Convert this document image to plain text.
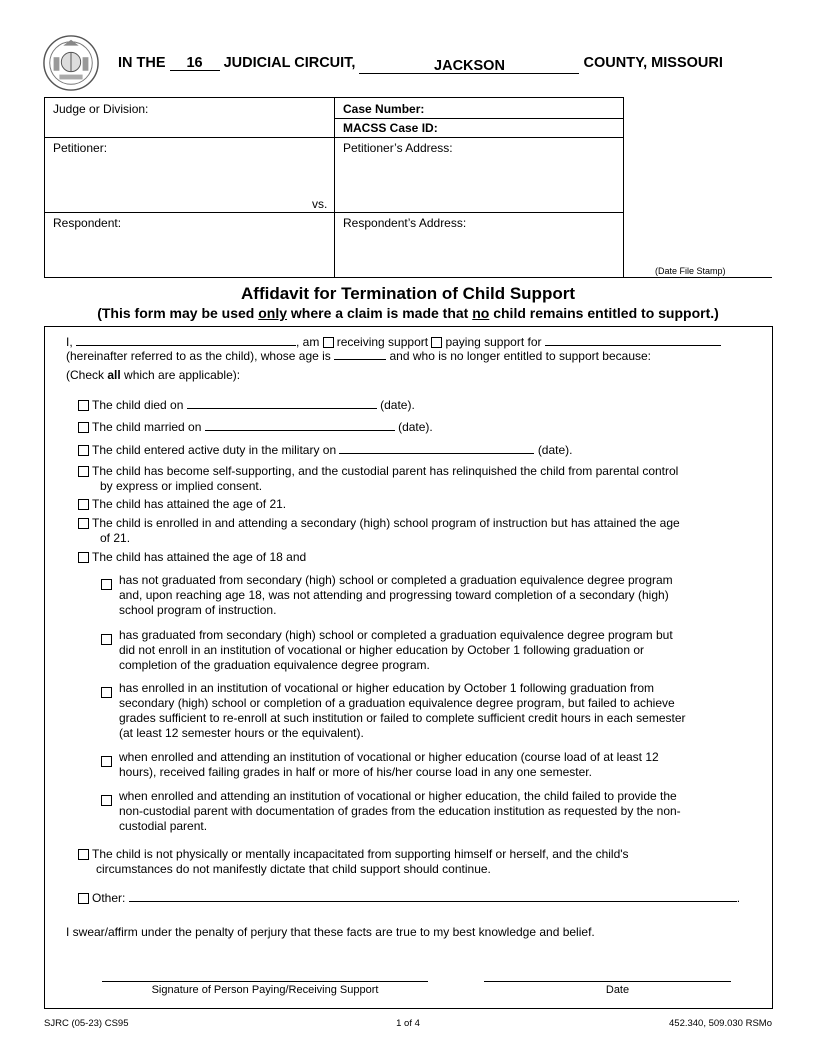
IN THE 16 JUDICIAL CIRCUIT,	JACKSON	COUNTY, MISSOURI
Judge or Division:	Case Number:
MACSS Case ID:
Petitioner:	Petitioner’s Address:
vs.
Respondent:	Respondent’s Address:
(Date File Stamp)
Affidavit for Termination of Child Support
(This form may be used only where a claim is made that no child remains entitled to support.)
I,	, am receiving support paying support for
(hereinafter referred to as the child), whose age is	and who is no longer entitled to support because:
(Check all which are applicable):
The child died on	(date).
The child married on	(date).
The child entered active duty in the military on	(date).
The child has become self-supporting, and the custodial parent has relinquished the child from parental control
by express or implied consent.
The child has attained the age of 21.
The child is enrolled in and attending a secondary (high) school program of instruction but has attained the age
of 21.
The child has attained the age of 18 and
has not graduated from secondary (high) school or completed a graduation equivalence degree program
and, upon reaching age 18, was not attending and progressing toward completion of a secondary (high)
school program of instruction.
has graduated from secondary (high) school or completed a graduation equivalence degree program but
did not enroll in an institution of vocational or higher education by October 1 following graduation or
completion of the graduation equivalence degree program.
has enrolled in an institution of vocational or higher education by October 1 following graduation from
secondary (high) school or completion of a graduation equivalence degree program, but failed to achieve
grades sufficient to re-enroll at such institution or failed to complete sufficient credit hours in each semester
(at least 12 semester hours or the equivalent).
when enrolled and attending an institution of vocational or higher education (course load of at least 12
hours), received failing grades in half or more of his/her course load in any one semester.
when enrolled and attending an institution of vocational or higher education, the child failed to provide the
non-custodial parent with documentation of grades from the education institution as requested by the non-
custodial parent.
The child is not physically or mentally incapacitated from supporting himself or herself, and the child's
circumstances do not manifestly dictate that child support should continue.
Other:	.
I swear/affirm under the penalty of perjury that these facts are true to my best knowledge and belief.
Signature of Person Paying/Receiving Support	Date
SJRC (05-23) CS95	1 of 4	452.340, 509.030 RSMo
